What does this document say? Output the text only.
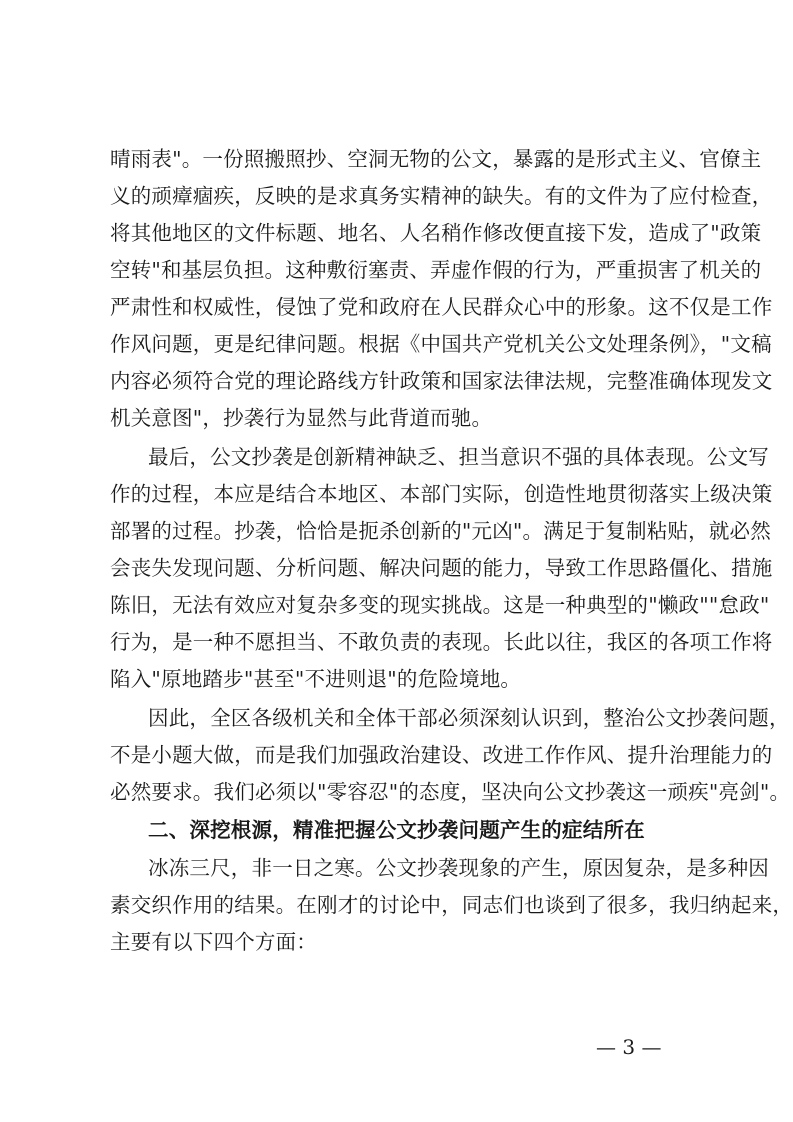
晴雨表"。一份照搬照抄、空洞无物的公文，暴露的是形式主义、官僚主
义的顽瘴痼疾，反映的是求真务实精神的缺失。有的文件为了应付检查，
将其他地区的文件标题、地名、人名稍作修改便直接下发，造成了"政策
空转"和基层负担。这种敷衍塞责、弄虚作假的行为，严重损害了机关的
严肃性和权威性，侵蚀了党和政府在人民群众心中的形象。这不仅是工作
作风问题，更是纪律问题。根据《中国共产党机关公文处理条例》，"文稿
内容必须符合党的理论路线方针政策和国家法律法规，完整准确体现发文
机关意图"，抄袭行为显然与此背道而驰。
最后，公文抄袭是创新精神缺乏、担当意识不强的具体表现。公文写
作的过程，本应是结合本地区、本部门实际，创造性地贯彻落实上级决策
部署的过程。抄袭，恰恰是扼杀创新的"元凶"。满足于复制粘贴，就必然
会丧失发现问题、分析问题、解决问题的能力，导致工作思路僵化、措施
陈旧，无法有效应对复杂多变的现实挑战。这是一种典型的"懒政""怠政"
行为，是一种不愿担当、不敢负责的表现。长此以往，我区的各项工作将
陷入"原地踏步"甚至"不进则退"的危险境地。
因此，全区各级机关和全体干部必须深刻认识到，整治公文抄袭问题，
不是小题大做，而是我们加强政治建设、改进工作作风、提升治理能力的
必然要求。我们必须以"零容忍"的态度，坚决向公文抄袭这一顽疾"亮剑"。
二、深挖根源，精准把握公文抄袭问题产生的症结所在
冰冻三尺，非一日之寒。公文抄袭现象的产生，原因复杂，是多种因
素交织作用的结果。在刚才的讨论中，同志们也谈到了很多，我归纳起来，
主要有以下四个方面：
— 3 —
